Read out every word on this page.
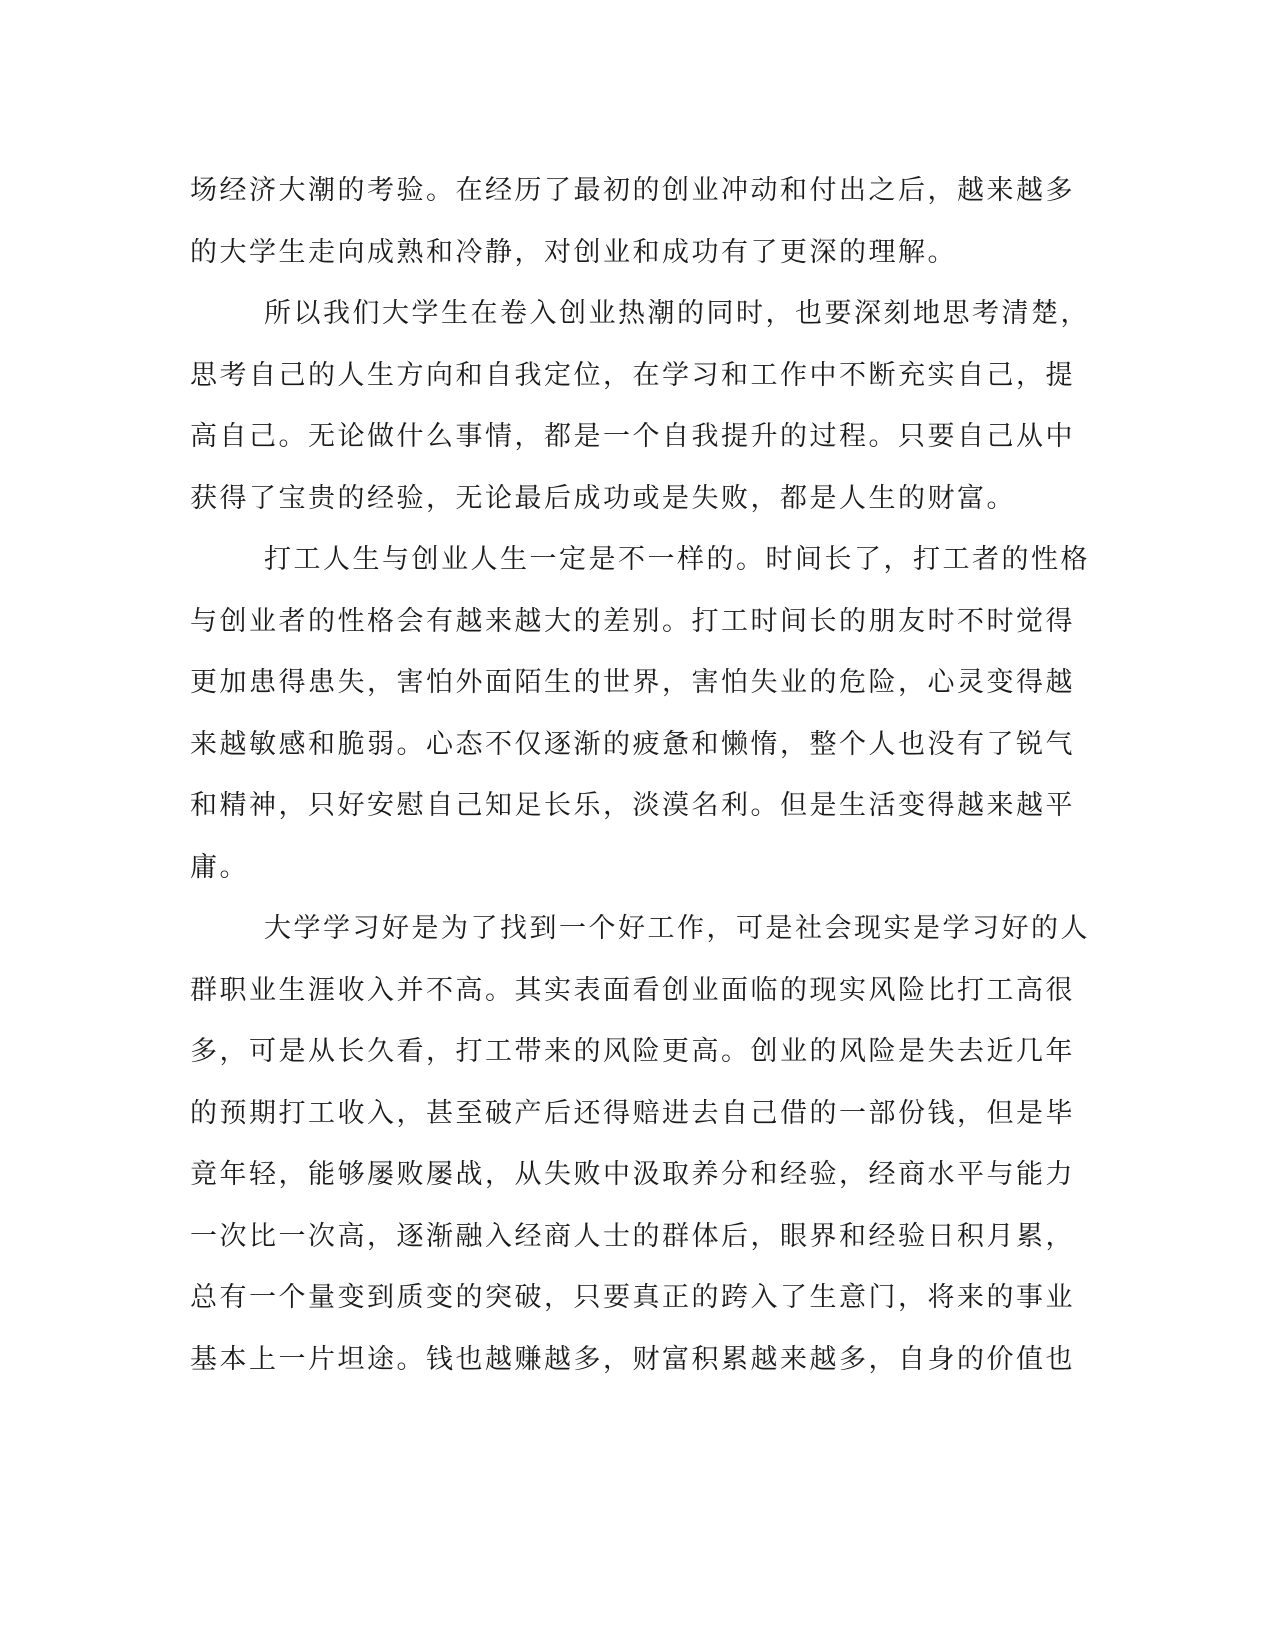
场经济大潮的考验。在经历了最初的创业冲动和付出之后，越来越多
的大学生走向成熟和冷静，对创业和成功有了更深的理解。
所以我们大学生在卷入创业热潮的同时，也要深刻地思考清楚，
思考自己的人生方向和自我定位，在学习和工作中不断充实自己，提
高自己。无论做什么事情，都是一个自我提升的过程。只要自己从中
获得了宝贵的经验，无论最后成功或是失败，都是人生的财富。
打工人生与创业人生一定是不一样的。时间长了，打工者的性格
与创业者的性格会有越来越大的差别。打工时间长的朋友时不时觉得
更加患得患失，害怕外面陌生的世界，害怕失业的危险，心灵变得越
来越敏感和脆弱。心态不仅逐渐的疲惫和懒惰，整个人也没有了锐气
和精神，只好安慰自己知足长乐，淡漠名利。但是生活变得越来越平
庸。
大学学习好是为了找到一个好工作，可是社会现实是学习好的人
群职业生涯收入并不高。其实表面看创业面临的现实风险比打工高很
多，可是从长久看，打工带来的风险更高。创业的风险是失去近几年
的预期打工收入，甚至破产后还得赔进去自己借的一部份钱，但是毕
竟年轻，能够屡败屡战，从失败中汲取养分和经验，经商水平与能力
一次比一次高，逐渐融入经商人士的群体后，眼界和经验日积月累，
总有一个量变到质变的突破，只要真正的跨入了生意门，将来的事业
基本上一片坦途。钱也越赚越多，财富积累越来越多，自身的价值也
